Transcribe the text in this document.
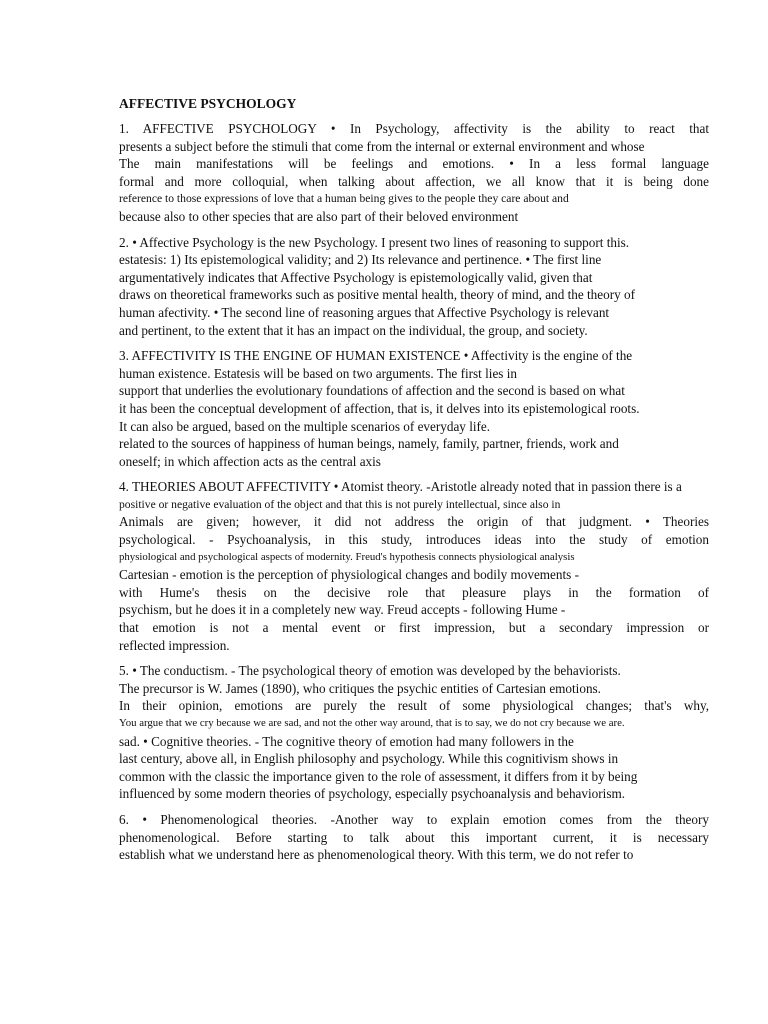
AFFECTIVE PSYCHOLOGY
1. AFFECTIVE PSYCHOLOGY • In Psychology, affectivity is the ability to react that
presents a subject before the stimuli that come from the internal or external environment and whose
The main manifestations will be feelings and emotions. • In a less formal language
formal and more colloquial, when talking about affection, we all know that it is being done
reference to those expressions of love that a human being gives to the people they care about and
because also to other species that are also part of their beloved environment
2. • Affective Psychology is the new Psychology. I present two lines of reasoning to support this.
estatesis: 1) Its epistemological validity; and 2) Its relevance and pertinence. • The first line
argumentatively indicates that Affective Psychology is epistemologically valid, given that
draws on theoretical frameworks such as positive mental health, theory of mind, and the theory of
human afectivity. • The second line of reasoning argues that Affective Psychology is relevant
and pertinent, to the extent that it has an impact on the individual, the group, and society.
3. AFFECTIVITY IS THE ENGINE OF HUMAN EXISTENCE • Affectivity is the engine of the
human existence. Estatesis will be based on two arguments. The first lies in
support that underlies the evolutionary foundations of affection and the second is based on what
it has been the conceptual development of affection, that is, it delves into its epistemological roots.
It can also be argued, based on the multiple scenarios of everyday life.
related to the sources of happiness of human beings, namely, family, partner, friends, work and
oneself; in which affection acts as the central axis
4. THEORIES ABOUT AFFECTIVITY • Atomist theory. -Aristotle already noted that in passion there is a
positive or negative evaluation of the object and that this is not purely intellectual, since also in
Animals are given; however, it did not address the origin of that judgment. • Theories
psychological. - Psychoanalysis, in this study, introduces ideas into the study of emotion
physiological and psychological aspects of modernity. Freud's hypothesis connects physiological analysis
Cartesian - emotion is the perception of physiological changes and bodily movements -
with Hume's thesis on the decisive role that pleasure plays in the formation of
psychism, but he does it in a completely new way. Freud accepts - following Hume -
that emotion is not a mental event or first impression, but a secondary impression or
reflected impression.
5. • The conductism. - The psychological theory of emotion was developed by the behaviorists.
The precursor is W. James (1890), who critiques the psychic entities of Cartesian emotions.
In their opinion, emotions are purely the result of some physiological changes; that's why,
You argue that we cry because we are sad, and not the other way around, that is to say, we do not cry because we are.
sad. • Cognitive theories. - The cognitive theory of emotion had many followers in the
last century, above all, in English philosophy and psychology. While this cognitivism shows in
common with the classic the importance given to the role of assessment, it differs from it by being
influenced by some modern theories of psychology, especially psychoanalysis and behaviorism.
6. • Phenomenological theories. -Another way to explain emotion comes from the theory
phenomenological. Before starting to talk about this important current, it is necessary
establish what we understand here as phenomenological theory. With this term, we do not refer to
